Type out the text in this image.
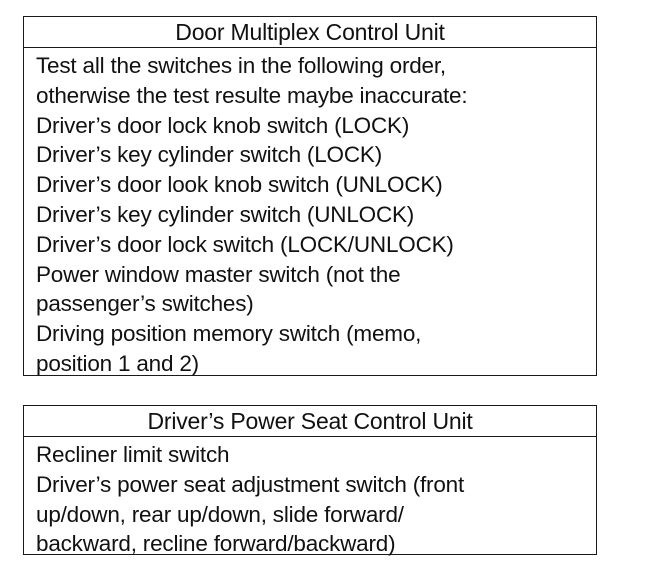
Door Multiplex Control Unit
Test all the switches in the following order,
otherwise the test resulte maybe inaccurate:
Driver’s door lock knob switch (LOCK)
Driver’s key cylinder switch (LOCK)
Driver’s door look knob switch (UNLOCK)
Driver’s key cylinder switch (UNLOCK)
Driver’s door lock switch (LOCK/UNLOCK)
Power window master switch (not the
passenger’s switches)
Driving position memory switch (memo,
position 1 and 2)
Driver’s Power Seat Control Unit
Recliner limit switch
Driver’s power seat adjustment switch (front
up/down, rear up/down, slide forward/
backward, recline forward/backward)
